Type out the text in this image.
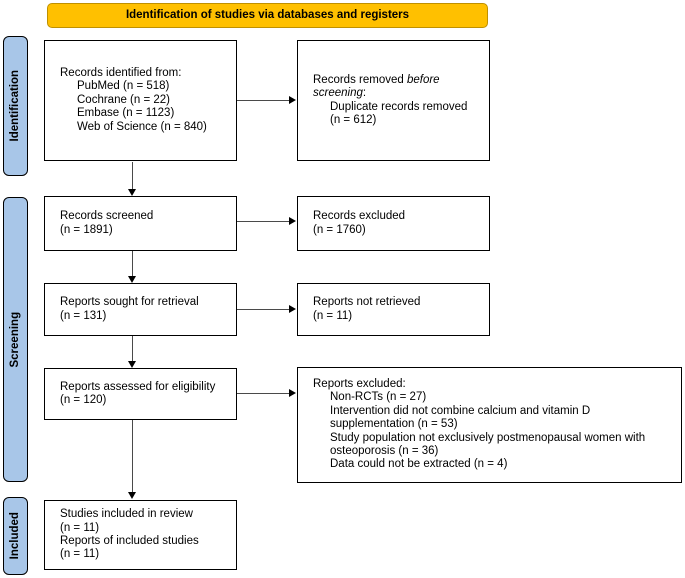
Identification of studies via databases and registers
Identification
Screening
Included
Records identified from:
PubMed (n = 518)
Cochrane (n = 22)
Embase (n = 1123)
Web of Science (n = 840)
Records removed before screening:
Duplicate records removed
(n = 612)
Records screened
(n = 1891)
Records excluded
(n = 1760)
Reports sought for retrieval
(n = 131)
Reports not retrieved
(n = 11)
Reports assessed for eligibility
(n = 120)
Reports excluded:
Non-RCTs (n = 27)
Intervention did not combine calcium and vitamin D
supplementation (n = 53)
Study population not exclusively postmenopausal women with
osteoporosis (n = 36)
Data could not be extracted (n = 4)
Studies included in review
(n = 11)
Reports of included studies
(n = 11)
